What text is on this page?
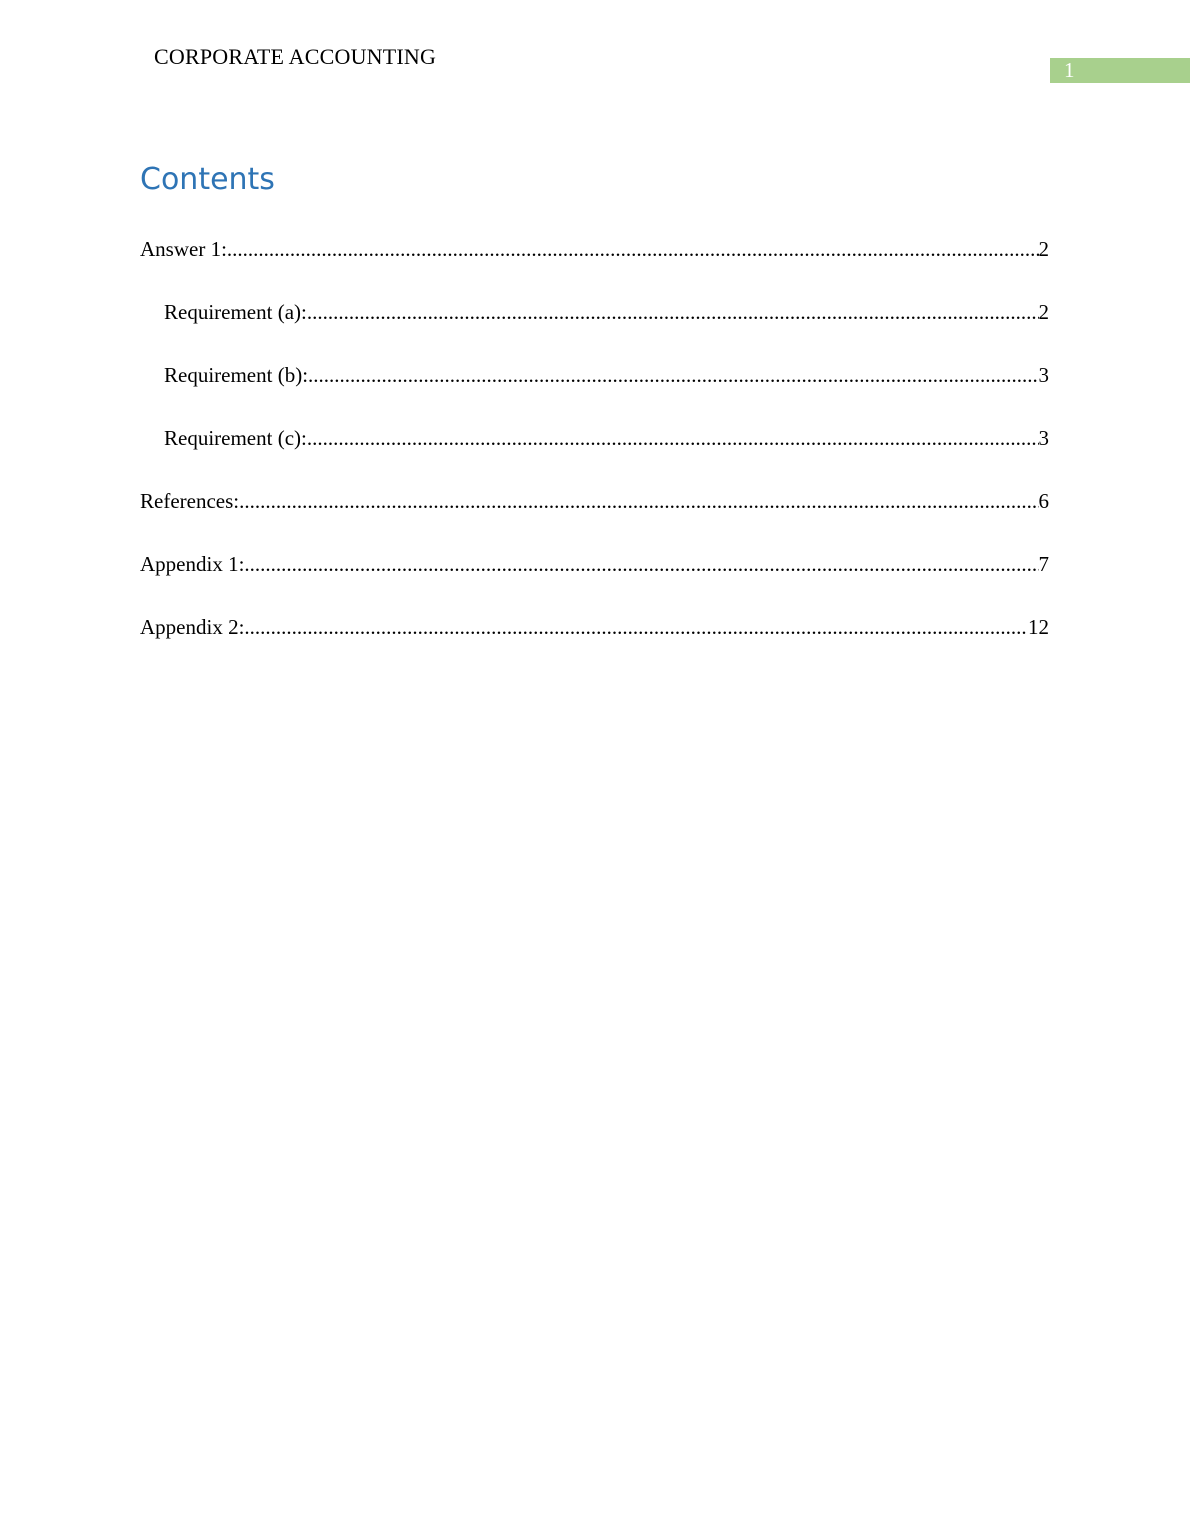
CORPORATE ACCOUNTING
1
Contents
Answer 1: .....	2
Requirement (a): .....	2
Requirement (b): .....	3
Requirement (c): .....	3
References: .....	6
Appendix 1: .....	7
Appendix 2: .....	12
